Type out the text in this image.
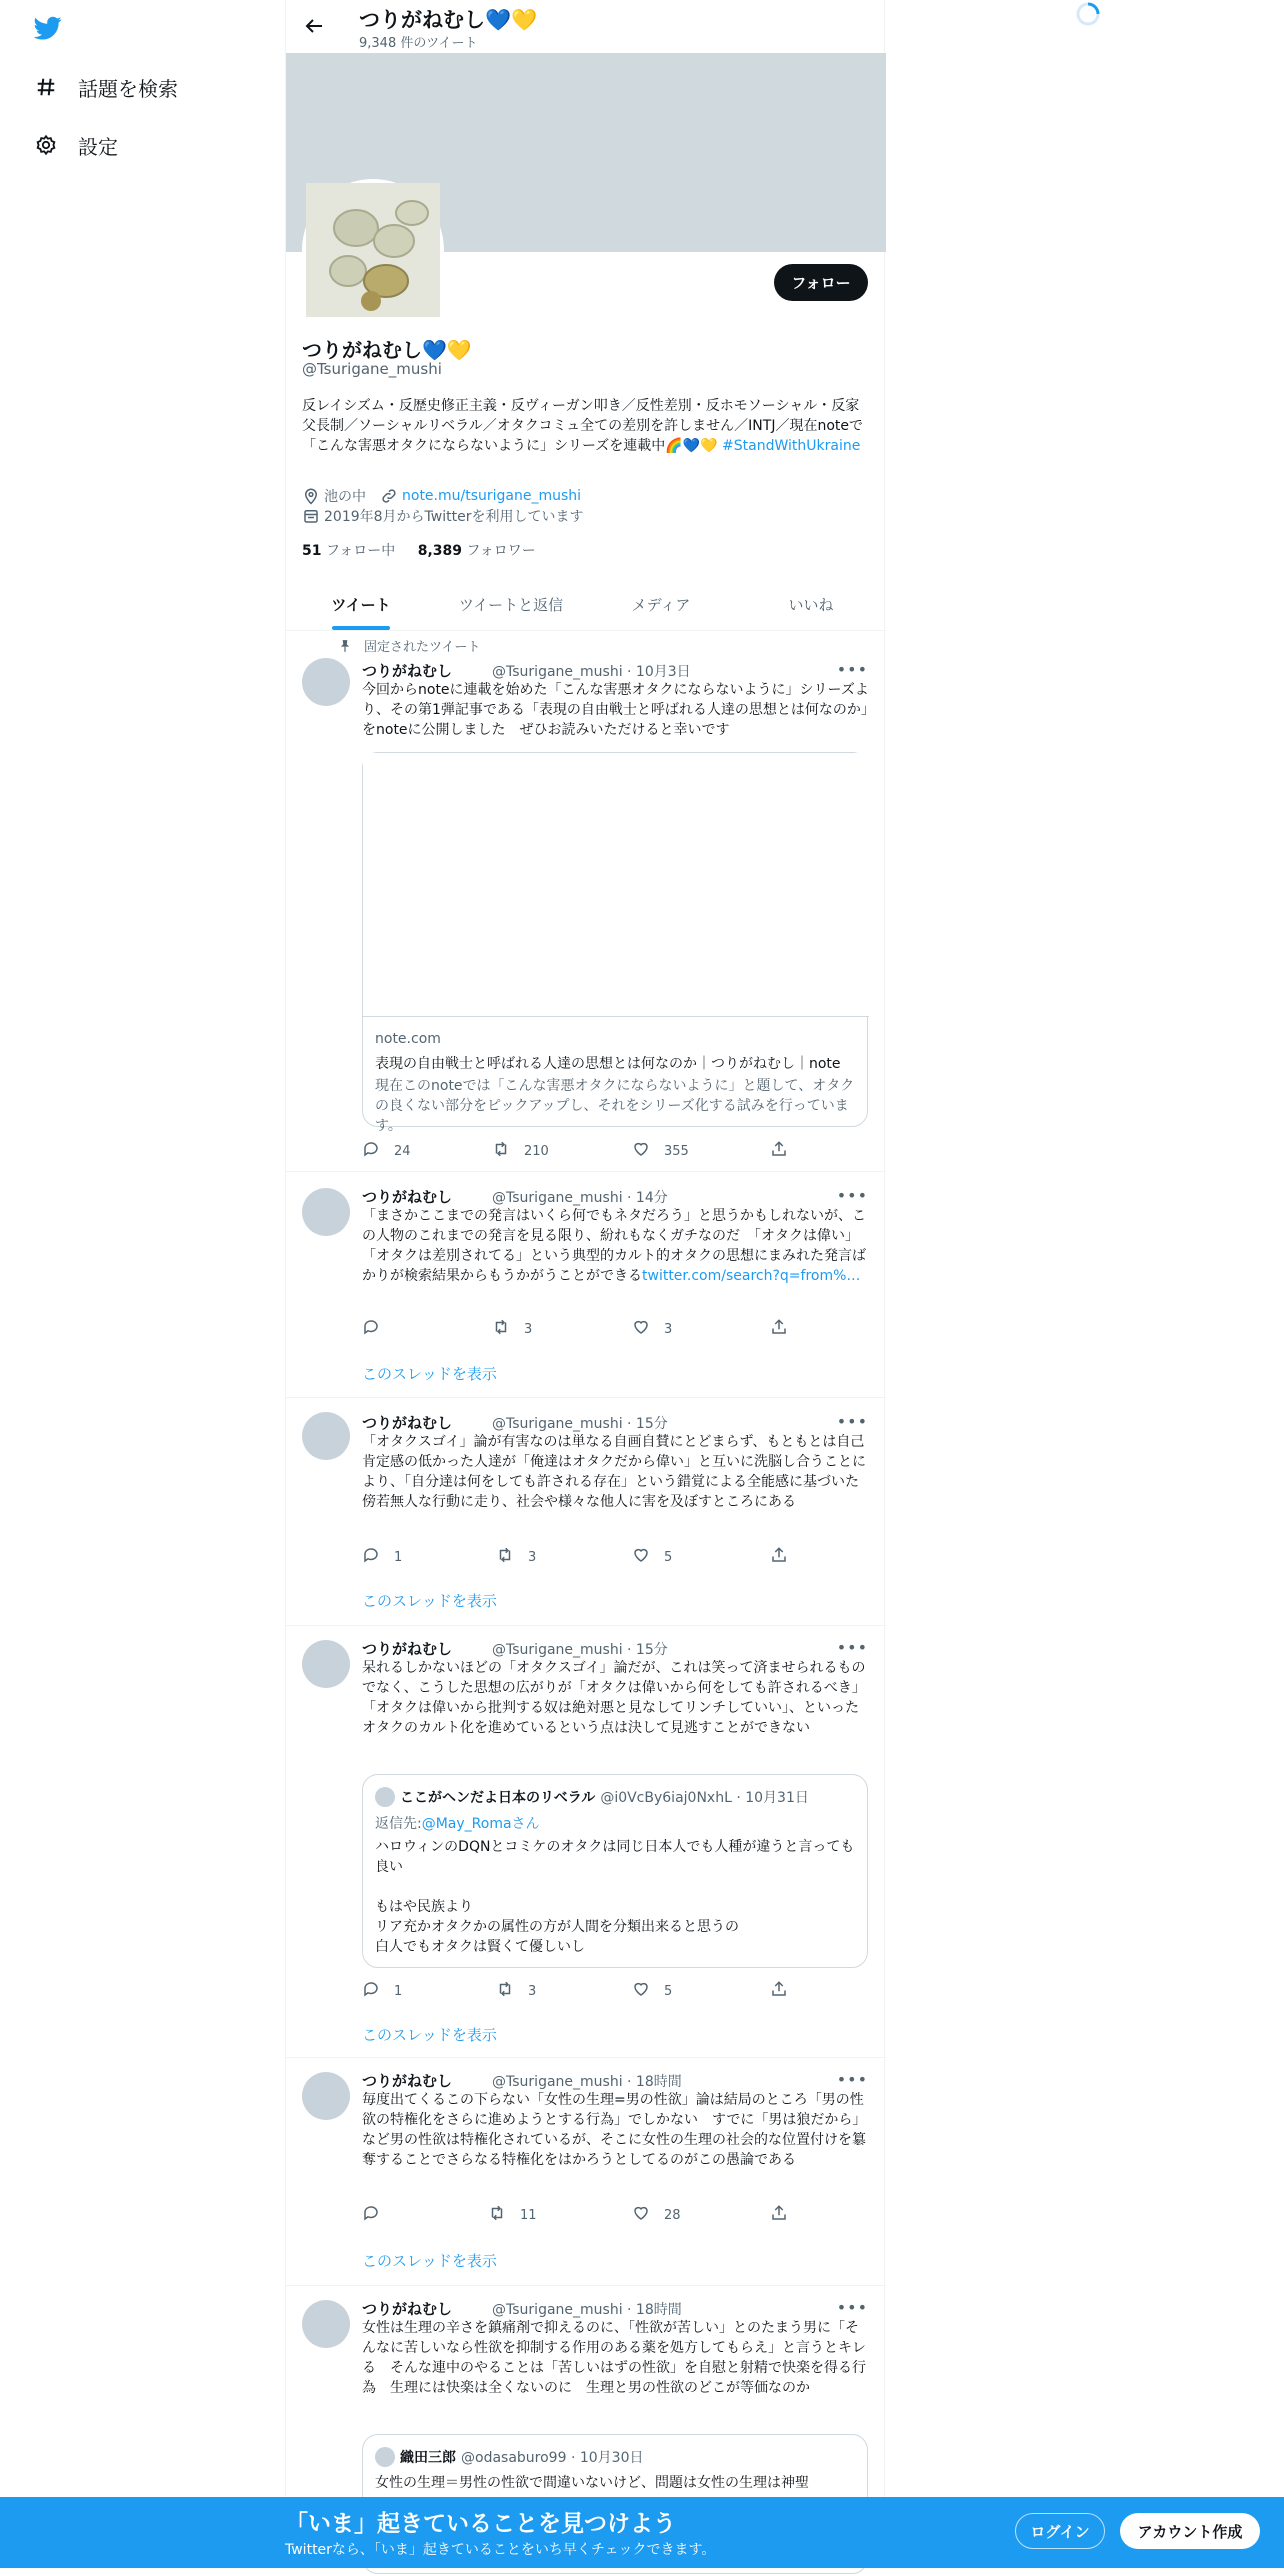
話題を検索
設定
つりがねむし💙💛
9,348 件のツイート
フォロー
つりがねむし💙💛
@Tsurigane_mushi
反レイシズム・反歴史修正主義・反ヴィーガン叩き／反性差別・反ホモソーシャル・反家父長制／ソーシャルリベラル／オタクコミュ全ての差別を許しません／INTJ／現在noteで「こんな害悪オタクにならないように」シリーズを連載中🌈💙💛 #StandWithUkraine
池の中	note.mu/tsurigane_mushi
2019年8月からTwitterを利用しています
51 フォロー中 8,389 フォロワー
ツイート	ツイートと返信	メディア	いいね
固定されたツイート
つりがねむし	@Tsurigane_mushi · 10月3日	•••
今回からnoteに連載を始めた「こんな害悪オタクにならないように」シリーズより、その第1弾記事である「表現の自由戦士と呼ばれる人達の思想とは何なのか」をnoteに公開しました　ぜひお読みいただけると幸いです
note.com
表現の自由戦士と呼ばれる人達の思想とは何なのか｜つりがねむし｜note
現在このnoteでは「こんな害悪オタクにならないように」と題して、オタクの良くない部分をピックアップし、それをシリーズ化する試みを行っています。
24	210	355
つりがねむし	@Tsurigane_mushi · 14分	•••
「まさかここまでの発言はいくら何でもネタだろう」と思うかもしれないが、この人物のこれまでの発言を見る限り、紛れもなくガチなのだ　「オタクは偉い」「オタクは差別されてる」という典型的カルト的オタクの思想にまみれた発言ばかりが検索結果からもうかがうことができるtwitter.com/search?q=from%…
3	3
このスレッドを表示
つりがねむし	@Tsurigane_mushi · 15分	•••
「オタクスゴイ」論が有害なのは単なる自画自賛にとどまらず、もともとは自己肯定感の低かった人達が「俺達はオタクだから偉い」と互いに洗脳し合うことにより、「自分達は何をしても許される存在」という錯覚による全能感に基づいた傍若無人な行動に走り、社会や様々な他人に害を及ぼすところにある
1	3	5
このスレッドを表示
つりがねむし	@Tsurigane_mushi · 15分	•••
呆れるしかないほどの「オタクスゴイ」論だが、これは笑って済ませられるものでなく、こうした思想の広がりが「オタクは偉いから何をしても許されるべき」「オタクは偉いから批判する奴は絶対悪と見なしてリンチしていい」、といったオタクのカルト化を進めているという点は決して見逃すことができない
ここがヘンだよ日本のリベラル @i0VcBy6iaj0NxhL · 10月31日
返信先:@May_Romaさん
ハロウィンのDQNとコミケのオタクは同じ日本人でも人種が違うと言っても良い

もはや民族より
リア充かオタクかの属性の方が人間を分類出来ると思うの
白人でもオタクは賢くて優しいし
1	3	5
このスレッドを表示
つりがねむし	@Tsurigane_mushi · 18時間	•••
毎度出てくるこの下らない「女性の生理=男の性欲」論は結局のところ「男の性欲の特権化をさらに進めようとする行為」でしかない　すでに「男は狼だから」など男の性欲は特権化されているが、そこに女性の生理の社会的な位置付けを簒奪することでさらなる特権化をはかろうとしてるのがこの愚論である
11	28
このスレッドを表示
つりがねむし	@Tsurigane_mushi · 18時間	•••
女性は生理の辛さを鎮痛剤で抑えるのに、「性欲が苦しい」とのたまう男に「そんなに苦しいなら性欲を抑制する作用のある薬を処方してもらえ」と言うとキレる　そんな連中のやることは「苦しいはずの性欲」を自慰と射精で快楽を得る行為　生理には快楽は全くないのに　生理と男の性欲のどこが等価なのか
織田三郎 @odasaburo99 · 10月30日
女性の生理＝男性の性欲で間違いないけど、問題は女性の生理は神聖
「いま」起きていることを見つけよう
Twitterなら、「いま」起きていることをいち早くチェックできます。
ログイン	アカウント作成
